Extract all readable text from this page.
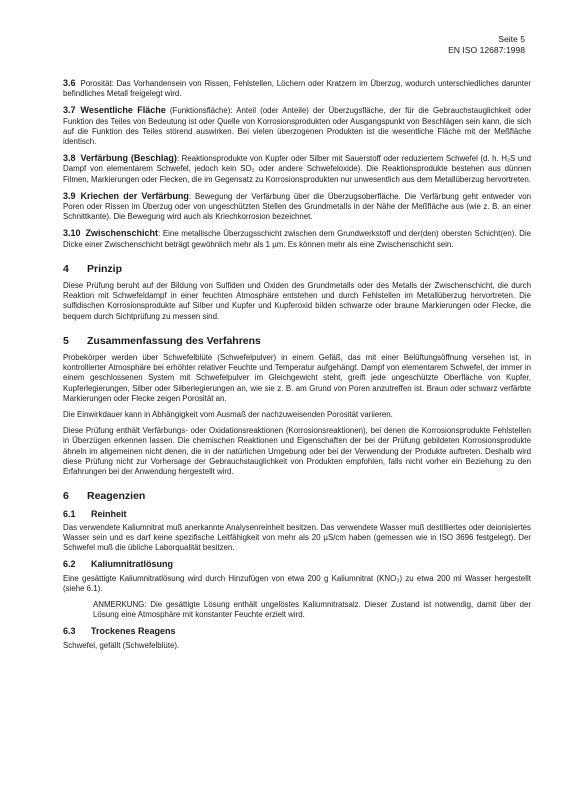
Seite 5
EN ISO 12687:1998
3.6 Porosität: Das Vorhandensein von Rissen, Fehlstellen, Löchern oder Kratzern im Überzug, wodurch unterschiedliches darunter befindliches Metall freigelegt wird.
3.7 Wesentliche Fläche (Funktionsfläche): Anteil (oder Anteile) der Überzugsfläche, der für die Gebrauchstauglichkeit oder Funktion des Teiles von Bedeutung ist oder Quelle von Korrosionsprodukten oder Ausgangspunkt von Beschlägen sein kann, die sich auf die Funktion des Teiles störend auswirken. Bei vielen überzogenen Produkten ist die wesentliche Fläche mit der Meßfläche identisch.
3.8 Verfärbung (Beschlag): Reaktionsprodukte von Kupfer oder Silber mit Sauerstoff oder reduziertem Schwefel (d. h. H₂S und Dampf von elementarem Schwefel, jedoch kein SO₂ oder andere Schwefeloxide). Die Reaktionsprodukte bestehen aus dünnen Filmen, Markierungen oder Flecken, die im Gegensatz zu Korrosionsprodukten nur unwesentlich aus dem Metallüberzug hervortreten.
3.9 Kriechen der Verfärbung: Bewegung der Verfärbung über die Überzugsoberfläche. Die Verfärbung geht entweder von Poren oder Rissen im Überzug oder von ungeschützten Stellen des Grundmetalls in der Nähe der Meßfläche aus (wie z. B. an einer Schnittkante). Die Bewegung wird auch als Kriechkorrosion bezeichnet.
3.10 Zwischenschicht: Eine metallische Überzugsschicht zwischen dem Grundwerkstoff und der(den) obersten Schicht(en). Die Dicke einer Zwischenschicht beträgt gewöhnlich mehr als 1 µm. Es können mehr als eine Zwischenschicht sein.
4 Prinzip

Diese Prüfung beruht auf der Bildung von Sulfiden und Oxiden des Grundmetalls oder des Metalls der Zwischenschicht, die durch Reaktion mit Schwefeldampf in einer feuchten Atmosphäre entstehen und durch Fehlstellen im Metallüberzug hervortreten. Die sulfidischen Korrosionsprodukte auf Silber und Kupfer und Kupferoxid bilden schwarze oder braune Markierungen oder Flecke, die bequem durch Sichtprüfung zu messen sind.

5 Zusammenfassung des Verfahrens

Probekörper werden über Schwefelblüte (Schwefelpulver) in einem Gefäß, das mit einer Belüftungsöffnung versehen ist, in kontrollierter Atmosphäre bei erhöhter relativer Feuchte und Temperatur aufgehängt. Dampf von elementarem Schwefel, der immer in einem geschlossenen System mit Schwefelpulver im Gleichgewicht steht, greift jede ungeschützte Oberfläche von Kupfer, Kupferlegierungen, Silber oder Silberlegierungen an, wie sie z. B. am Grund von Poren anzutreffen ist. Braun oder schwarz verfärbte Markierungen oder Flecke zeigen Porosität an.

Die Einwirkdauer kann in Abhängigkeit vom Ausmaß der nachzuweisenden Porosität variieren.

Diese Prüfung enthält Verfärbungs- oder Oxidationsreaktionen (Korrosionsreaktionen), bei denen die Korrosionsprodukte Fehlstellen in Überzügen erkennen lassen. Die chemischen Reaktionen und Eigenschaften der bei der Prüfung gebildeten Korrosionsprodukte ähneln im allgemeinen nicht denen, die in der natürlichen Umgebung oder bei der Verwendung der Produkte auftreten. Deshalb wird diese Prüfung nicht zur Vorhersage der Gebrauchstauglichkeit von Produkten empfohlen, falls nicht vorher ein Beziehung zu den Erfahrungen bei der Anwendung hergestellt wird.

6 Reagenzien
6.1 Reinheit

Das verwendete Kaliumnitrat muß anerkannte Analysenreinheit besitzen. Das verwendete Wasser muß destilliertes oder deionisiertes Wasser sein und es darf keine spezifische Leitfähigkeit von mehr als 20 µS/cm haben (gemessen wie in ISO 3696 festgelegt). Der Schwefel muß die übliche Laborqualität besitzen.

6.2 Kaliumnitratlösung

Eine gesättigte Kaliumnitratlösung wird durch Hinzufügen von etwa 200 g Kaliumnitrat (KNO₃) zu etwa 200 ml Wasser hergestellt (siehe 6.1).

ANMERKUNG: Die gesättigte Lösung enthält ungelöstes Kaliumnitratsalz. Dieser Zustand ist notwendig, damit über der Lösung eine Atmosphäre mit konstanter Feuchte erzielt wird.

6.3 Trockenes Reagens

Schwefel, gefällt (Schwefelblüte).
